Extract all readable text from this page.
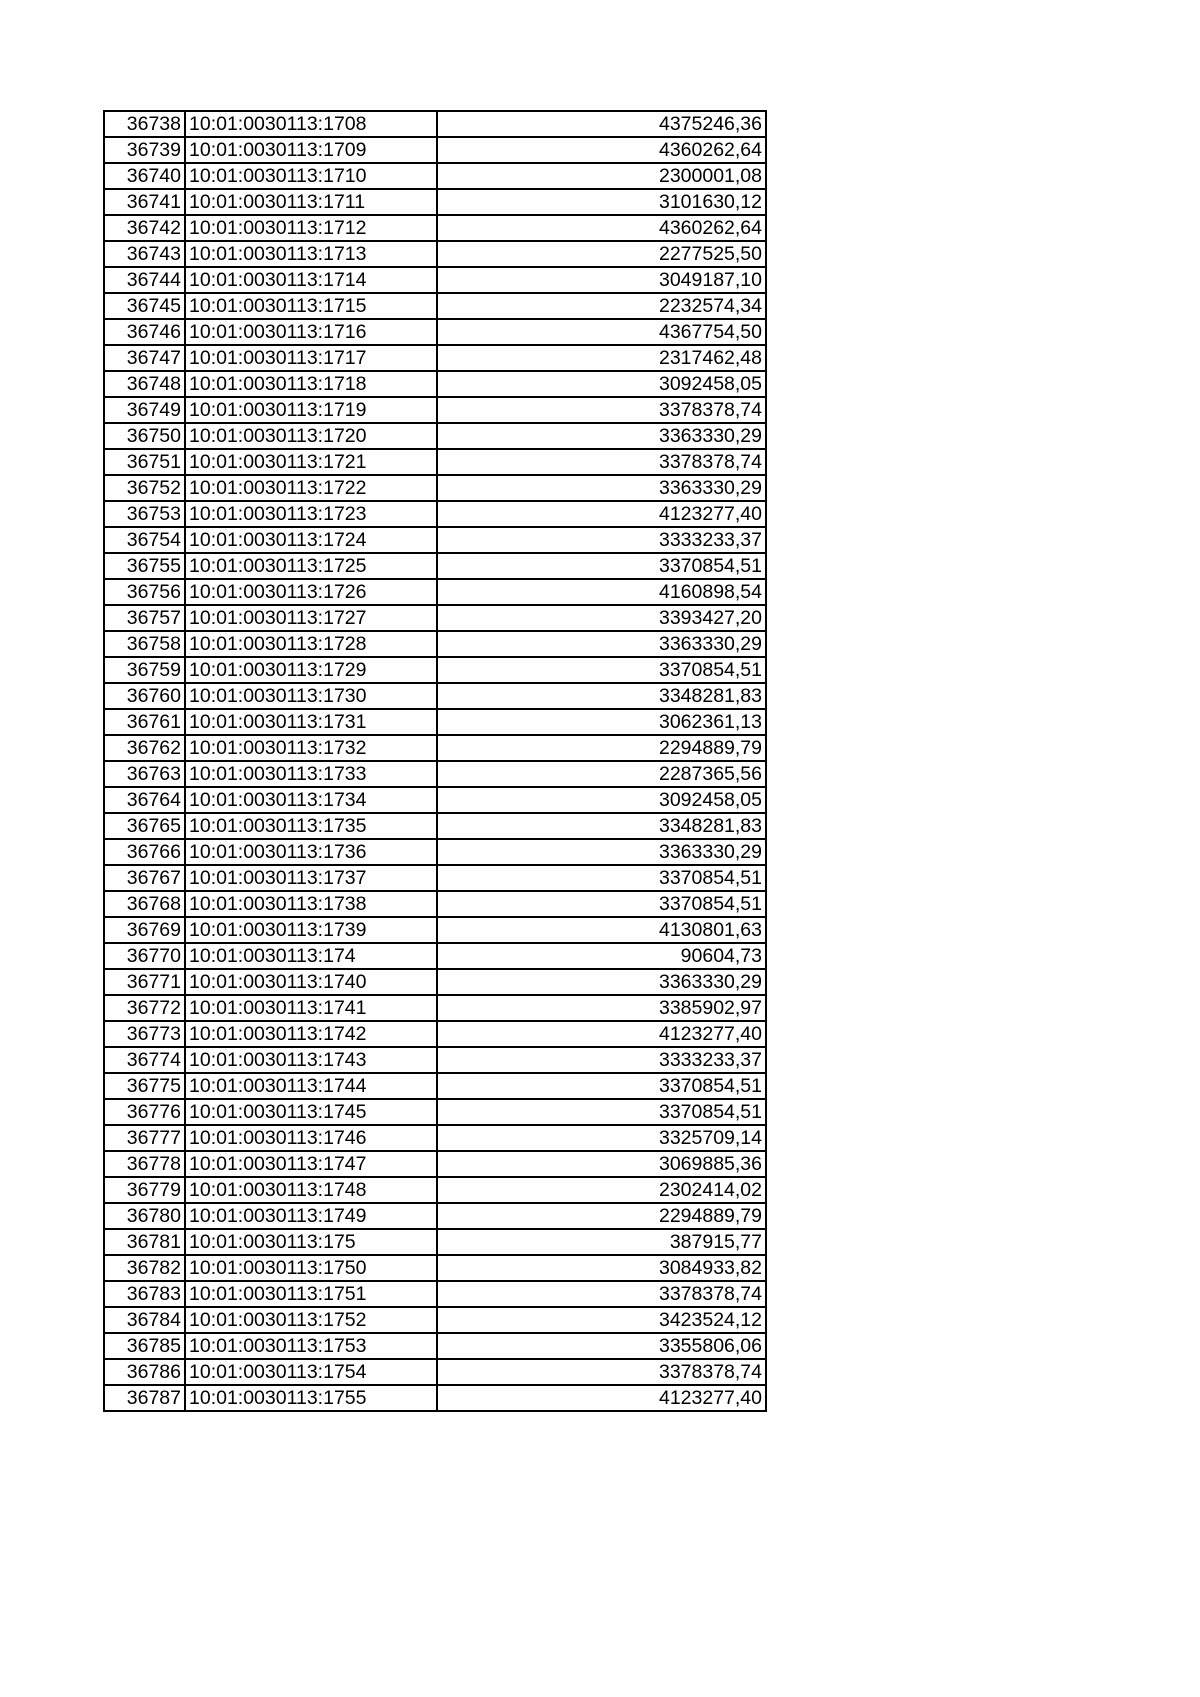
36738	10:01:0030113:1708	4375246,36
36739	10:01:0030113:1709	4360262,64
36740	10:01:0030113:1710	2300001,08
36741	10:01:0030113:1711	3101630,12
36742	10:01:0030113:1712	4360262,64
36743	10:01:0030113:1713	2277525,50
36744	10:01:0030113:1714	3049187,10
36745	10:01:0030113:1715	2232574,34
36746	10:01:0030113:1716	4367754,50
36747	10:01:0030113:1717	2317462,48
36748	10:01:0030113:1718	3092458,05
36749	10:01:0030113:1719	3378378,74
36750	10:01:0030113:1720	3363330,29
36751	10:01:0030113:1721	3378378,74
36752	10:01:0030113:1722	3363330,29
36753	10:01:0030113:1723	4123277,40
36754	10:01:0030113:1724	3333233,37
36755	10:01:0030113:1725	3370854,51
36756	10:01:0030113:1726	4160898,54
36757	10:01:0030113:1727	3393427,20
36758	10:01:0030113:1728	3363330,29
36759	10:01:0030113:1729	3370854,51
36760	10:01:0030113:1730	3348281,83
36761	10:01:0030113:1731	3062361,13
36762	10:01:0030113:1732	2294889,79
36763	10:01:0030113:1733	2287365,56
36764	10:01:0030113:1734	3092458,05
36765	10:01:0030113:1735	3348281,83
36766	10:01:0030113:1736	3363330,29
36767	10:01:0030113:1737	3370854,51
36768	10:01:0030113:1738	3370854,51
36769	10:01:0030113:1739	4130801,63
36770	10:01:0030113:174	90604,73
36771	10:01:0030113:1740	3363330,29
36772	10:01:0030113:1741	3385902,97
36773	10:01:0030113:1742	4123277,40
36774	10:01:0030113:1743	3333233,37
36775	10:01:0030113:1744	3370854,51
36776	10:01:0030113:1745	3370854,51
36777	10:01:0030113:1746	3325709,14
36778	10:01:0030113:1747	3069885,36
36779	10:01:0030113:1748	2302414,02
36780	10:01:0030113:1749	2294889,79
36781	10:01:0030113:175	387915,77
36782	10:01:0030113:1750	3084933,82
36783	10:01:0030113:1751	3378378,74
36784	10:01:0030113:1752	3423524,12
36785	10:01:0030113:1753	3355806,06
36786	10:01:0030113:1754	3378378,74
36787	10:01:0030113:1755	4123277,40
